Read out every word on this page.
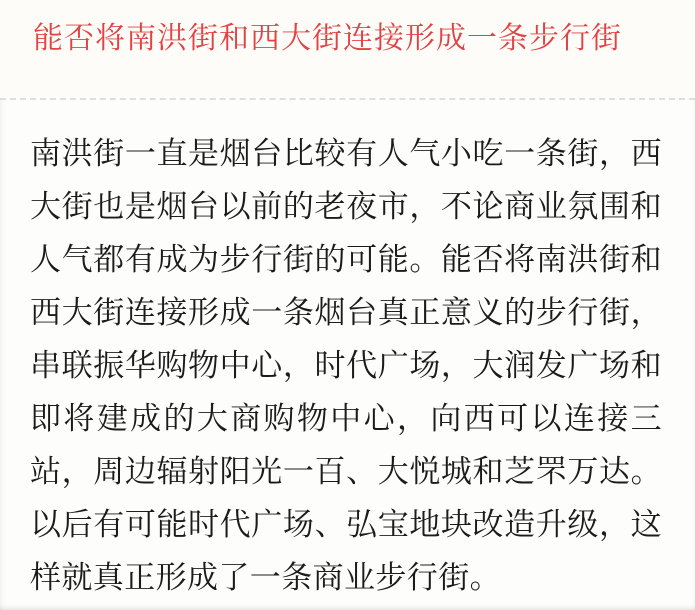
能否将南洪街和西大街连接形成一条步行街
南洪街一直是烟台比较有人气小吃一条街，西
大街也是烟台以前的老夜市，不论商业氛围和
人气都有成为步行街的可能。能否将南洪街和
西大街连接形成一条烟台真正意义的步行街，
串联振华购物中心，时代广场，大润发广场和
即将建成的大商购物中心，向西可以连接三
站，周边辐射阳光一百、大悦城和芝罘万达。
以后有可能时代广场、弘宝地块改造升级，这
样就真正形成了一条商业步行街。
